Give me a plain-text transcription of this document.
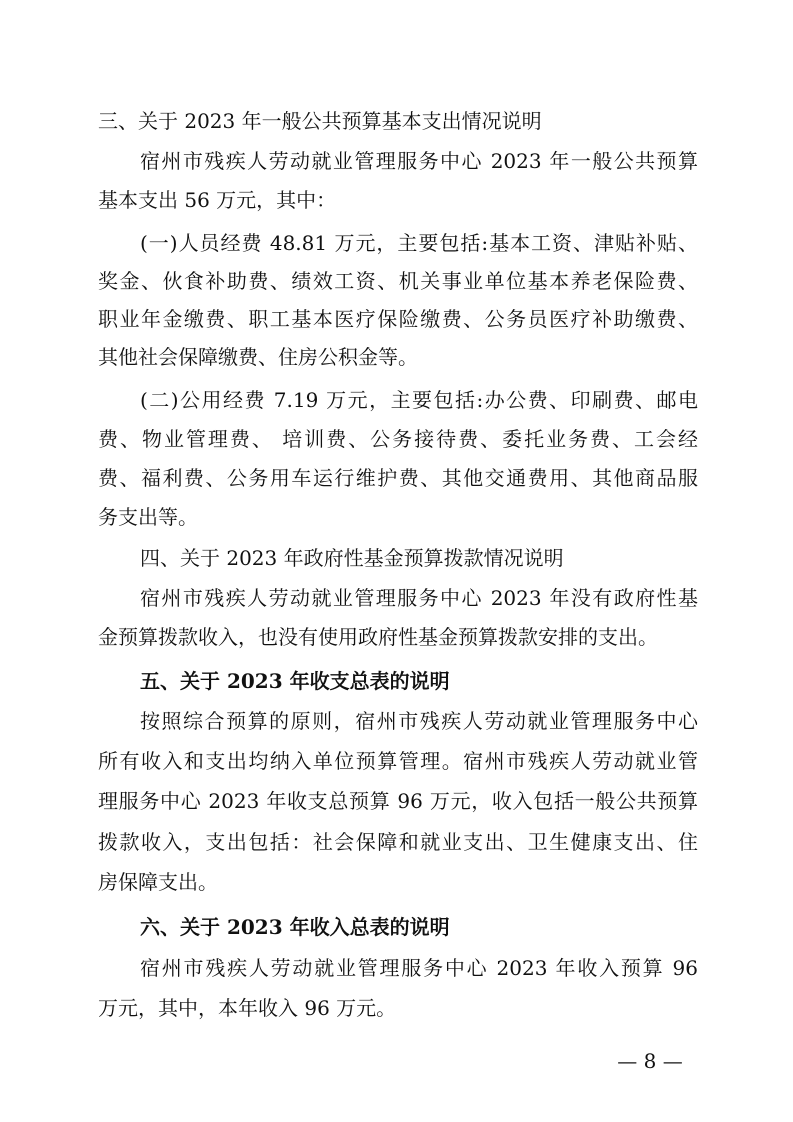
三、关于 2023 年一般公共预算基本支出情况说明
宿州市残疾人劳动就业管理服务中心 2023 年一般公共预算
基本支出 56 万元，其中：
(一)人员经费 48.81 万元，主要包括:基本工资、津贴补贴、
奖金、伙食补助费、绩效工资、机关事业单位基本养老保险费、
职业年金缴费、职工基本医疗保险缴费、公务员医疗补助缴费、
其他社会保障缴费、住房公积金等。
(二)公用经费 7.19 万元，主要包括:办公费、印刷费、邮电
费、物业管理费、 培训费、公务接待费、委托业务费、工会经
费、福利费、公务用车运行维护费、其他交通费用、其他商品服
务支出等。
四、关于 2023 年政府性基金预算拨款情况说明
宿州市残疾人劳动就业管理服务中心 2023 年没有政府性基
金预算拨款收入，也没有使用政府性基金预算拨款安排的支出。
五、关于 2023 年收支总表的说明
按照综合预算的原则，宿州市残疾人劳动就业管理服务中心
所有收入和支出均纳入单位预算管理。宿州市残疾人劳动就业管
理服务中心 2023 年收支总预算 96 万元，收入包括一般公共预算
拨款收入，支出包括：社会保障和就业支出、卫生健康支出、住
房保障支出。
六、关于 2023 年收入总表的说明
宿州市残疾人劳动就业管理服务中心 2023 年收入预算 96
万元，其中，本年收入 96 万元。
— 8 —
